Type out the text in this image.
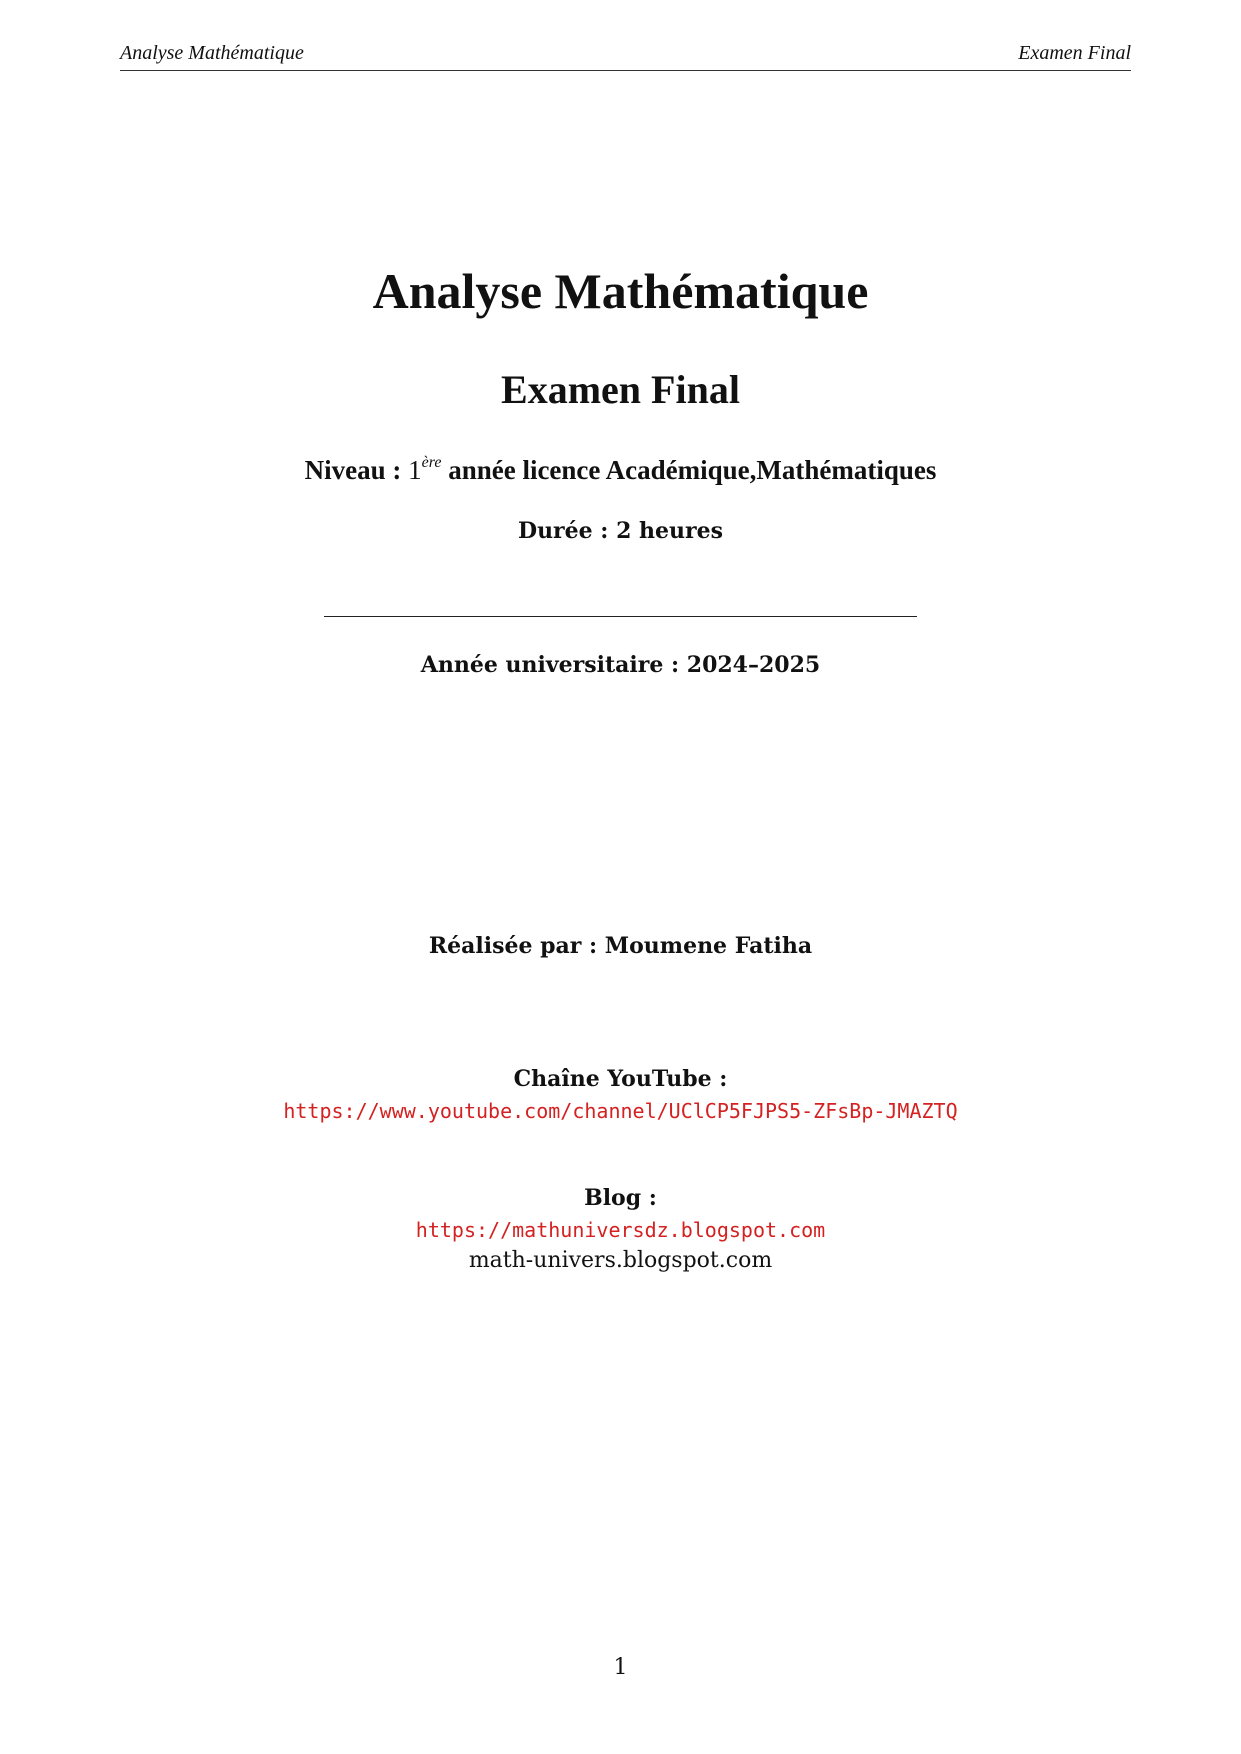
Analyse Mathématique	Examen Final
Analyse Mathématique
Examen Final
Niveau : 1ère année licence Académique,Mathématiques
Durée : 2 heures
Année universitaire : 2024–2025
Réalisée par : Moumene Fatiha
Chaîne YouTube :
https://www.youtube.com/channel/UClCP5FJPS5-ZFsBp-JMAZTQ
Blog :
https://mathuniversdz.blogspot.com
math-univers.blogspot.com
1
